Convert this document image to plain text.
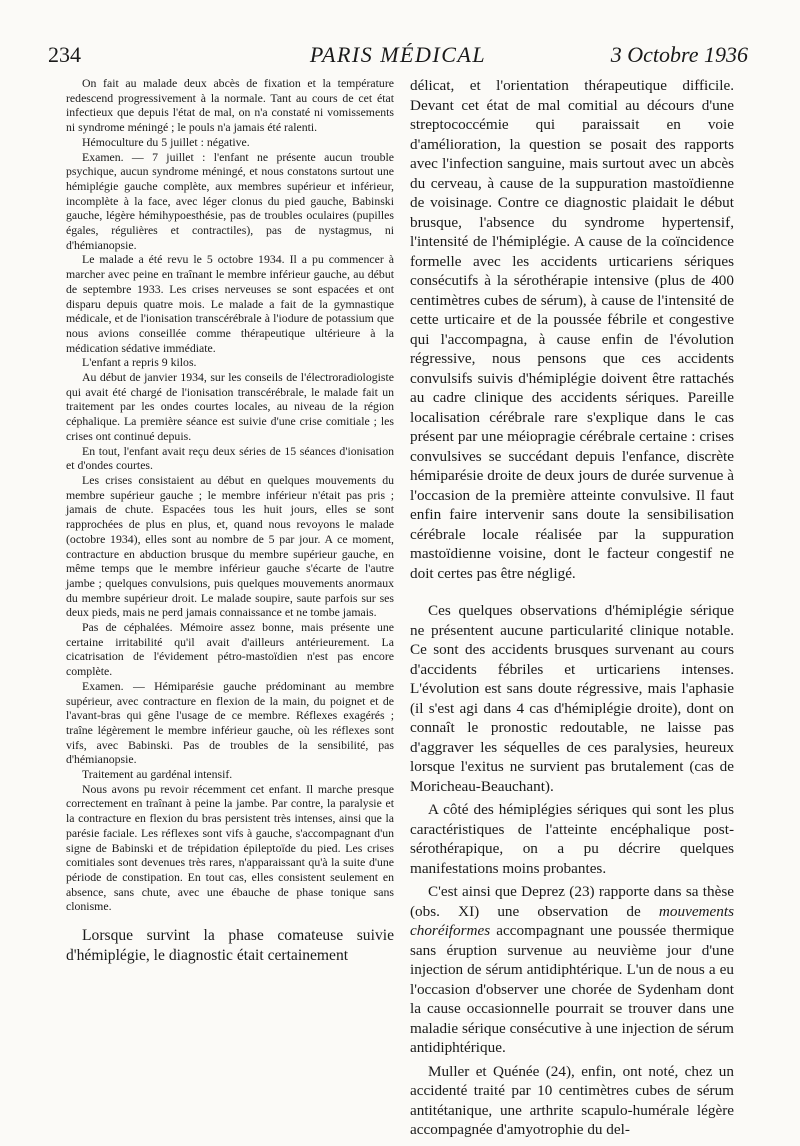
234	PARIS MÉDICAL	3 Octobre 1936

On fait au malade deux abcès de fixation et la température redescend progressivement à la normale. Tant au cours de cet état infectieux que depuis l'état de mal, on n'a constaté ni vomissements ni syndrome méningé ; le pouls n'a jamais été ralenti.

Hémoculture du 5 juillet : négative.

Examen. — 7 juillet : l'enfant ne présente aucun trouble psychique, aucun syndrome méningé, et nous constatons surtout une hémiplégie gauche complète, aux membres supérieur et inférieur, incomplète à la face, avec léger clonus du pied gauche, Babinski gauche, légère hémihypoesthésie, pas de troubles oculaires (pupilles égales, régulières et contractiles), pas de nystagmus, ni d'hémianopsie.

Le malade a été revu le 5 octobre 1934. Il a pu commencer à marcher avec peine en traînant le membre inférieur gauche, au début de septembre 1933. Les crises nerveuses se sont espacées et ont disparu depuis quatre mois. Le malade a fait de la gymnastique médicale, et de l'ionisation transcérébrale à l'iodure de potassium que nous avions conseillée comme thérapeutique ultérieure à la médication sédative immédiate.

L'enfant a repris 9 kilos.

Au début de janvier 1934, sur les conseils de l'électroradiologiste qui avait été chargé de l'ionisation transcérébrale, le malade fait un traitement par les ondes courtes locales, au niveau de la région céphalique. La première séance est suivie d'une crise comitiale ; les crises ont continué depuis.

En tout, l'enfant avait reçu deux séries de 15 séances d'ionisation et d'ondes courtes.

Les crises consistaient au début en quelques mouvements du membre supérieur gauche ; le membre inférieur n'était pas pris ; jamais de chute. Espacées tous les huit jours, elles se sont rapprochées de plus en plus, et, quand nous revoyons le malade (octobre 1934), elles sont au nombre de 5 par jour. A ce moment, contracture en abduction brusque du membre supérieur gauche, en même temps que le membre inférieur gauche s'écarte de l'autre jambe ; quelques convulsions, puis quelques mouvements anormaux du membre supérieur droit. Le malade soupire, saute parfois sur ses deux pieds, mais ne perd jamais connaissance et ne tombe jamais.

Pas de céphalées. Mémoire assez bonne, mais présente une certaine irritabilité qu'il avait d'ailleurs antérieurement. La cicatrisation de l'évidement pétro-mastoïdien n'est pas encore complète.

Examen. — Hémiparésie gauche prédominant au membre supérieur, avec contracture en flexion de la main, du poignet et de l'avant-bras qui gêne l'usage de ce membre. Réflexes exagérés ; traîne légèrement le membre inférieur gauche, où les réflexes sont vifs, avec Babinski. Pas de troubles de la sensibilité, pas d'hémianopsie.

Traitement au gardénal intensif.

Nous avons pu revoir récemment cet enfant. Il marche presque correctement en traînant à peine la jambe. Par contre, la paralysie et la contracture en flexion du bras persistent très intenses, ainsi que la parésie faciale. Les réflexes sont vifs à gauche, s'accompagnant d'un signe de Babinski et de trépidation épileptoïde du pied. Les crises comitiales sont devenues très rares, n'apparaissant qu'à la suite d'une période de constipation. En tout cas, elles consistent seulement en absence, sans chute, avec une ébauche de phase tonique sans clonisme.

Lorsque survint la phase comateuse suivie d'hémiplégie, le diagnostic était certainement

délicat, et l'orientation thérapeutique difficile. Devant cet état de mal comitial au décours d'une streptococcémie qui paraissait en voie d'amélioration, la question se posait des rapports avec l'infection sanguine, mais surtout avec un abcès du cerveau, à cause de la suppuration mastoïdienne de voisinage. Contre ce diagnostic plaidait le début brusque, l'absence du syndrome hypertensif, l'intensité de l'hémiplégie. A cause de la coïncidence formelle avec les accidents urticariens sériques consécutifs à la sérothérapie intensive (plus de 400 centimètres cubes de sérum), à cause de l'intensité de cette urticaire et de la poussée fébrile et congestive qui l'accompagna, à cause enfin de l'évolution régressive, nous pensons que ces accidents convulsifs suivis d'hémiplégie doivent être rattachés au cadre clinique des accidents sériques. Pareille localisation cérébrale rare s'explique dans le cas présent par une méiopragie cérébrale certaine : crises convulsives se succédant depuis l'enfance, discrète hémiparésie droite de deux jours de durée survenue à l'occasion de la première atteinte convulsive. Il faut enfin faire intervenir sans doute la sensibilisation cérébrale locale réalisée par la suppuration mastoïdienne voisine, dont le facteur congestif ne doit certes pas être négligé.

Ces quelques observations d'hémiplégie sérique ne présentent aucune particularité clinique notable. Ce sont des accidents brusques survenant au cours d'accidents fébriles et urticariens intenses. L'évolution est sans doute régressive, mais l'aphasie (il s'est agi dans 4 cas d'hémiplégie droite), dont on connaît le pronostic redoutable, ne laisse pas d'aggraver les séquelles de ces paralysies, heureux lorsque l'exitus ne survient pas brutalement (cas de Moricheau-Beauchant).

A côté des hémiplégies sériques qui sont les plus caractéristiques de l'atteinte encéphalique post-sérothérapique, on a pu décrire quelques manifestations moins probantes.

C'est ainsi que Deprez (23) rapporte dans sa thèse (obs. XI) une observation de mouvements choréiformes accompagnant une poussée thermique sans éruption survenue au neuvième jour d'une injection de sérum antidiphtérique. L'un de nous a eu l'occasion d'observer une chorée de Sydenham dont la cause occasionnelle pourrait se trouver dans une maladie sérique consécutive à une injection de sérum antidiphtérique.

Muller et Quénée (24), enfin, ont noté, chez un accidenté traité par 10 centimètres cubes de sérum antitétanique, une arthrite scapulo-humérale légère accompagnée d'amyotrophie du del-
